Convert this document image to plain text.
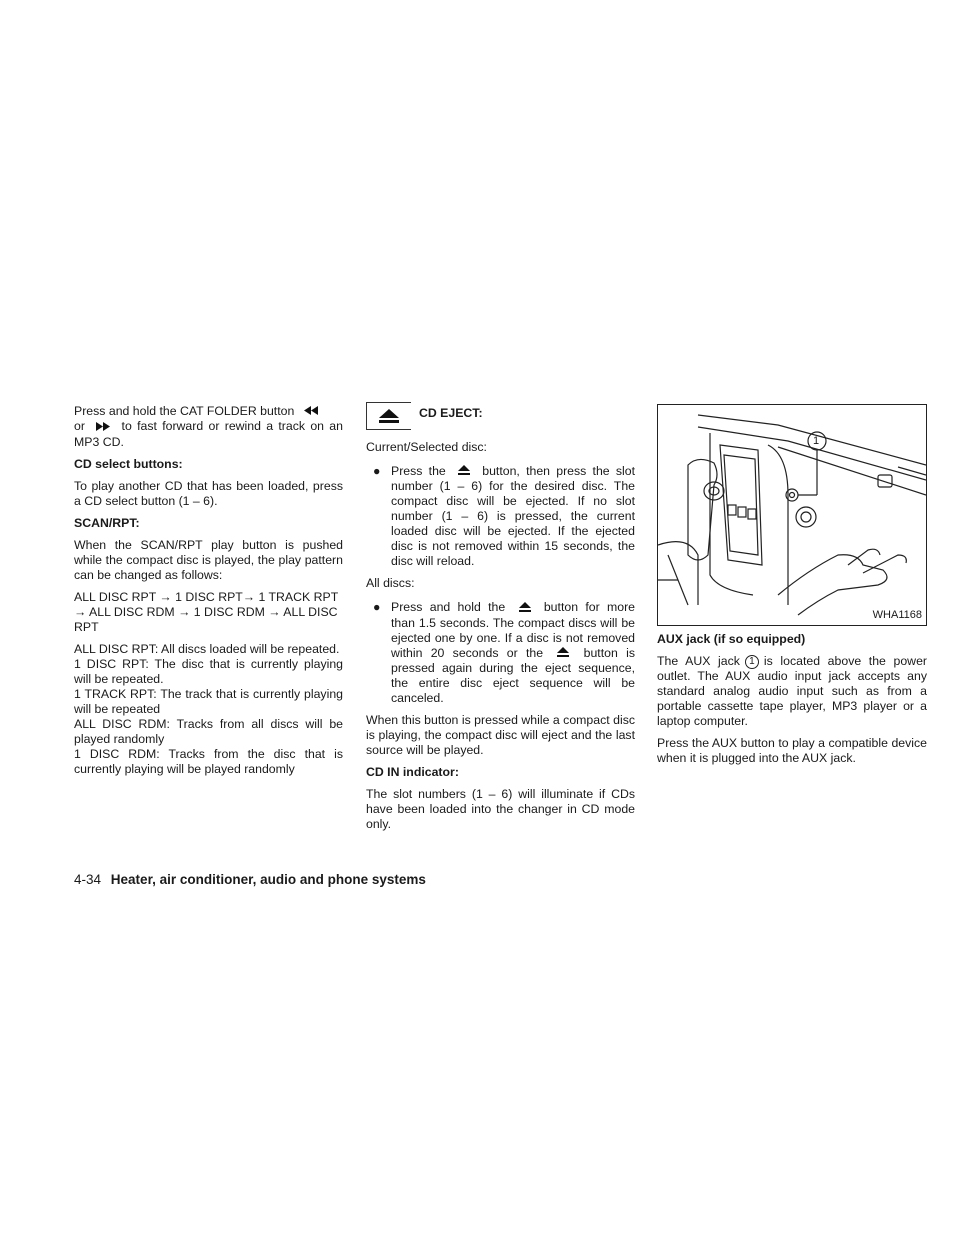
Press and hold the CAT FOLDER button
or	to fast forward or rewind a track on an MP3 CD.

CD select buttons:

To play another CD that has been loaded, press a CD select button (1 – 6).

SCAN/RPT:

When the SCAN/RPT play button is pushed while the compact disc is played, the play pattern can be changed as follows:

ALL DISC RPT → 1 DISC RPT→ 1 TRACK RPT → ALL DISC RDM → 1 DISC RDM → ALL DISC RPT

ALL DISC RPT: All discs loaded will be repeated.

1 DISC RPT: The disc that is currently playing will be repeated.

1 TRACK RPT: The track that is currently playing will be repeated

ALL DISC RDM: Tracks from all discs will be played randomly

1 DISC RDM: Tracks from the disc that is currently playing will be played randomly

CD EJECT:

Current/Selected disc:

● Press the	button, then press the slot number (1 – 6) for the desired disc. The compact disc will be ejected. If no slot number (1 – 6) is pressed, the current loaded disc will be ejected. If the ejected disc is not removed within 15 seconds, the disc will reload.

All discs:

● Press and hold the	button for more than 1.5 seconds. The compact discs will be ejected one by one. If a disc is not removed within 20 seconds or the	button is pressed again during the eject sequence, the entire disc eject sequence will be canceled.

When this button is pressed while a compact disc is playing, the compact disc will eject and the last source will be played.

CD IN indicator:

The slot numbers (1 – 6) will illuminate if CDs have been loaded into the changer in CD mode only.

1
WHA1168
AUX jack (if so equipped)

The AUX jack 1 is located above the power outlet. The AUX audio input jack accepts any standard analog audio input such as from a portable cassette tape player, MP3 player or a laptop computer.

Press the AUX button to play a compatible device when it is plugged into the AUX jack.

4-34 Heater, air conditioner, audio and phone systems
